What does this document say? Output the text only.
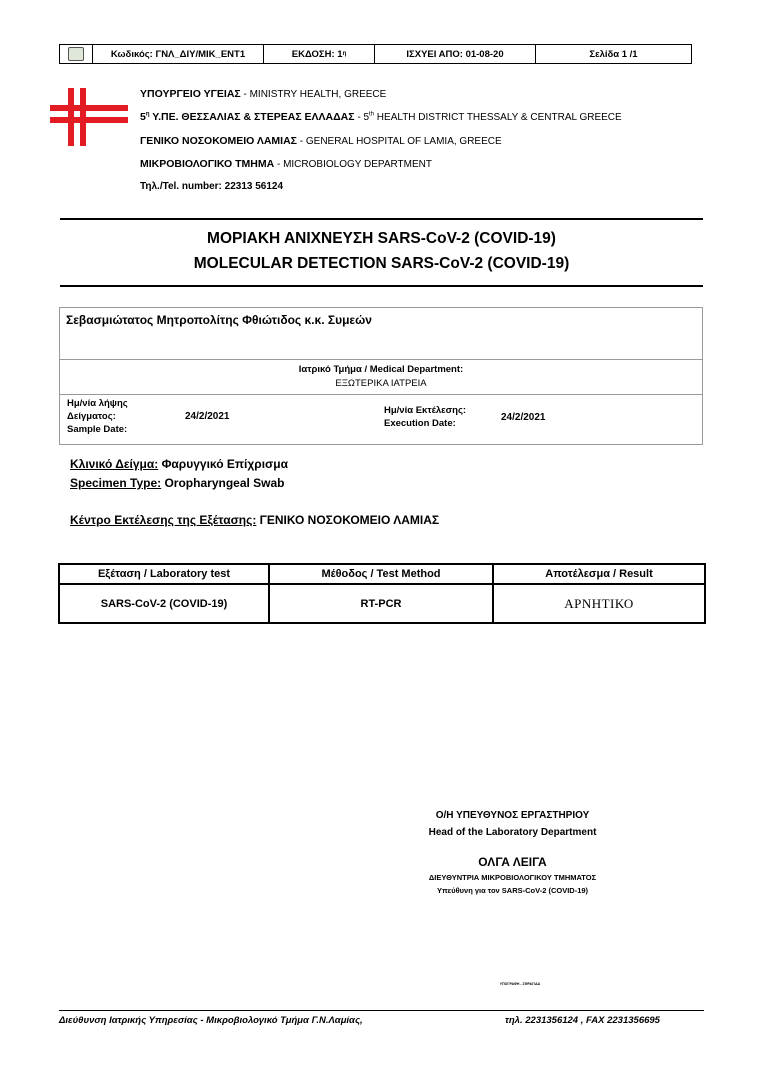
Κωδικός: ΓΝΛ_ΔΙΥ/ΜΙΚ_ΕΝΤ1	ΕΚΔΟΣΗ: 1 η	ΙΣΧΥΕΙ ΑΠΟ: 01-08-20	Σελίδα 1 /1
ΥΠΟΥΡΓΕΙΟ ΥΓΕΙΑΣ - MINISTRY HEALTH, GREECE
$5^\eta$ Υ.ΠΕ. ΘΕΣΣΑΛΙΑΣ & ΣΤΕΡΕΑΣ ΕΛΛΑΔΑΣ - 5th HEALTH DISTRICT THESSALY & CENTRAL GREECE
ΓΕΝΙΚΟ ΝΟΣΟΚΟΜΕΙΟ ΛΑΜΙΑΣ - GENERAL HOSPITAL OF LAMIA, GREECE
ΜΙΚΡΟΒΙΟΛΟΓΙΚΟ ΤΜΗΜΑ - MICROBIOLOGY DEPARTMENT
Τηλ./Tel. number: 22313 56124
ΜΟΡΙΑΚΗ ΑΝΙΧΝΕΥΣΗ SARS-CoV-2 (COVID-19)
MOLECULAR DETECTION SARS-CoV-2 (COVID-19)
Σεβασμιώτατος Μητροπολίτης Φθιώτιδος κ.κ. Συμεών
Ιατρικό Τμήμα / Medical Department:
ΕΞΩΤΕΡΙΚΑ ΙΑΤΡΕΙΑ
Ημ/νία λήψης
Δείγματος:
Sample Date:
24/2/2021
Ημ/νία Εκτέλεσης:
Execution Date:
24/2/2021
Κλινικό Δείγμα: Φαρυγγικό Επίχρισμα
Specimen Type: Oropharyngeal Swab
Κέντρο Εκτέλεσης της Εξέτασης: ΓΕΝΙΚΟ ΝΟΣΟΚΟΜΕΙΟ ΛΑΜΙΑΣ
Εξέταση / Laboratory test	Μέθοδος / Test Method	Αποτέλεσμα / Result
SARS-CoV-2 (COVID-19)	RT-PCR	ΑΡΝΗΤΙΚΟ
Ο/Η ΥΠΕΥΘΥΝΟΣ ΕΡΓΑΣΤΗΡΙΟΥ
Head of the Laboratory Department
ΟΛΓΑ ΛΕΙΓΑ
ΔΙΕΥΘΥΝΤΡΙΑ ΜΙΚΡΟΒΙΟΛΟΓΙΚΟΥ ΤΜΗΜΑΤΟΣ
Υπεύθυνη για τον SARS-CoV-2 (COVID-19)
ΥΠΟΓΡΑΦΗ - ΣΦΡΑΓΙΔΑ
Διεύθυνση Ιατρικής Υπηρεσίας - Μικροβιολογικό Τμήμα Γ.Ν.Λαμίας,	τηλ. 2231356124 , FAX 2231356695
